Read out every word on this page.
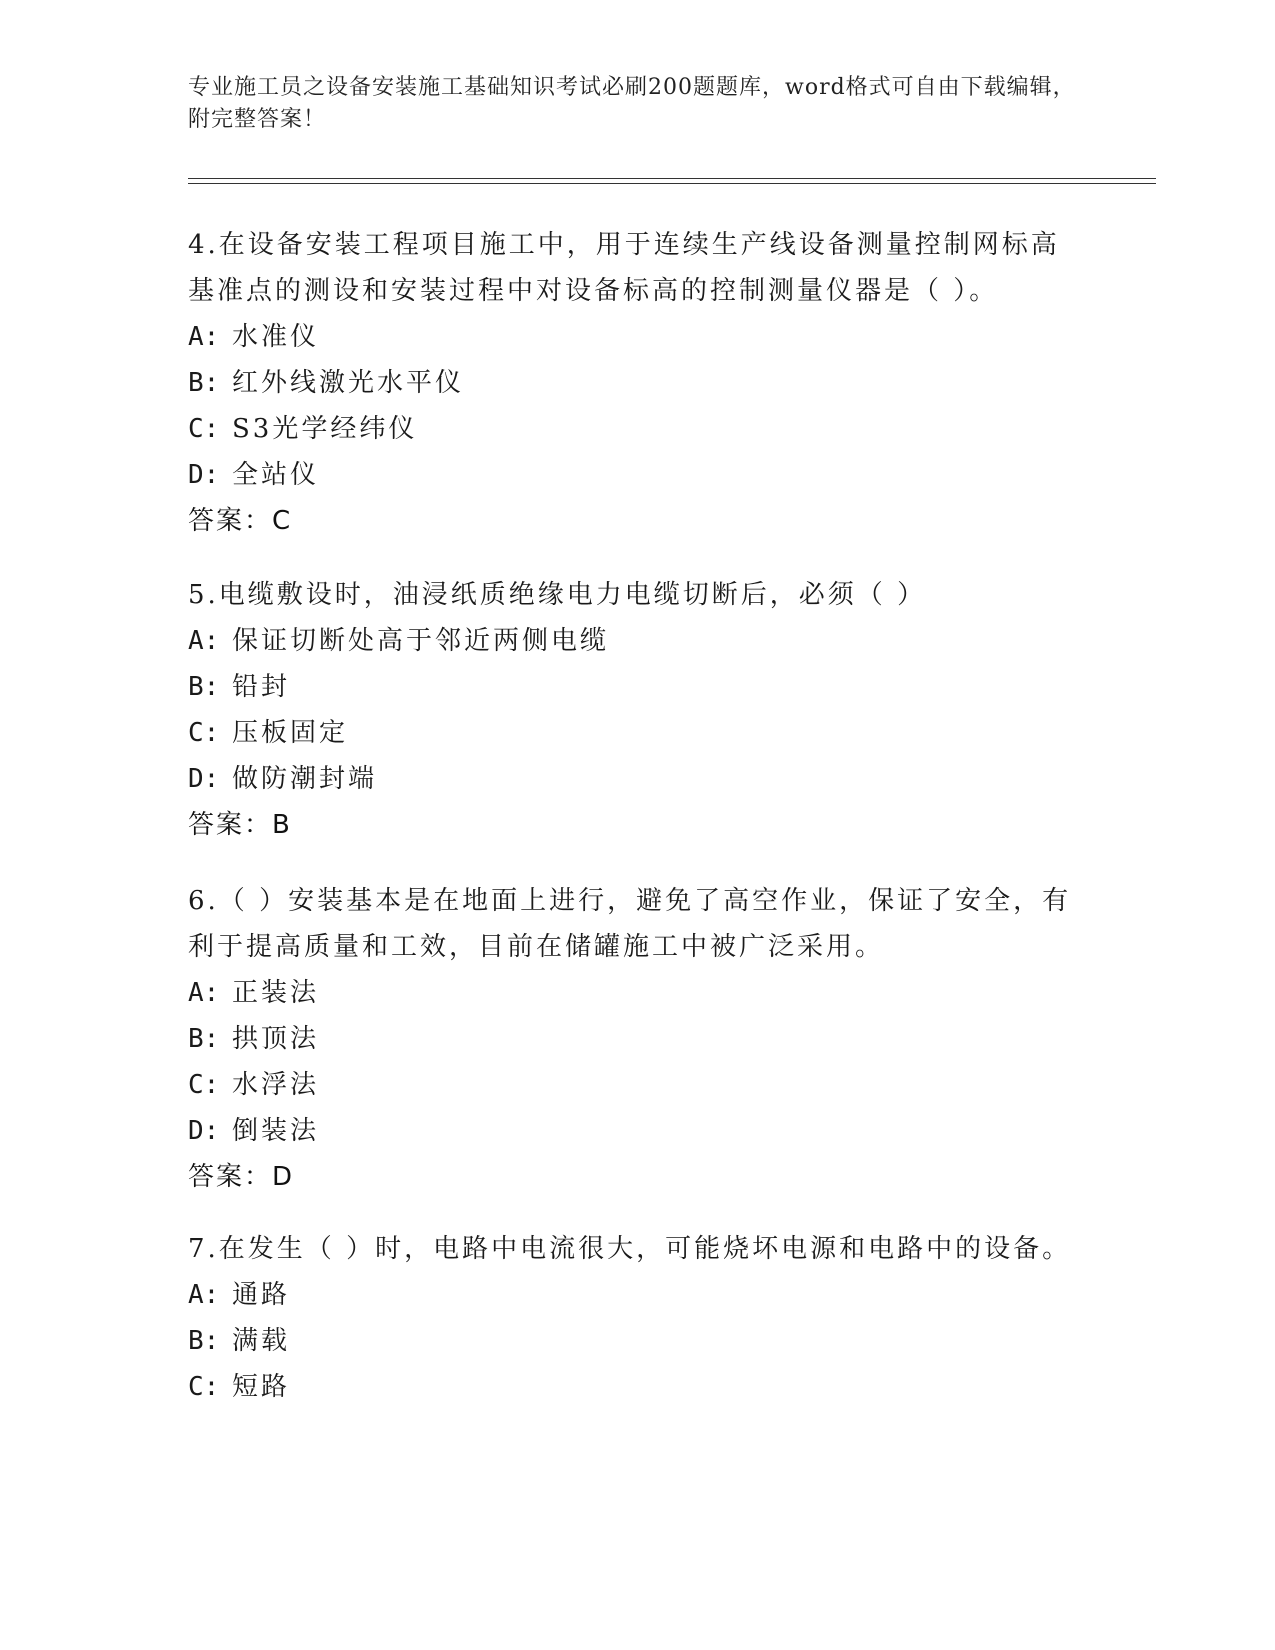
专业施工员之设备安装施工基础知识考试必刷200题题库，word格式可自由下载编辑，附完整答案！

4.在设备安装工程项目施工中，用于连续生产线设备测量控制网标高基准点的测设和安装过程中对设备标高的控制测量仪器是（ ）。

A: 水准仪

B: 红外线激光水平仪

C: S3光学经纬仪

D: 全站仪

答案：C

5.电缆敷设时，油浸纸质绝缘电力电缆切断后，必须（ ）

A: 保证切断处高于邻近两侧电缆

B: 铅封

C: 压板固定

D: 做防潮封端

答案：B

6.（ ）安装基本是在地面上进行，避免了高空作业，保证了安全，有利于提高质量和工效，目前在储罐施工中被广泛采用。

A: 正装法

B: 拱顶法

C: 水浮法

D: 倒装法

答案：D

7.在发生（ ）时，电路中电流很大，可能烧坏电源和电路中的设备。

A: 通路

B: 满载

C: 短路
